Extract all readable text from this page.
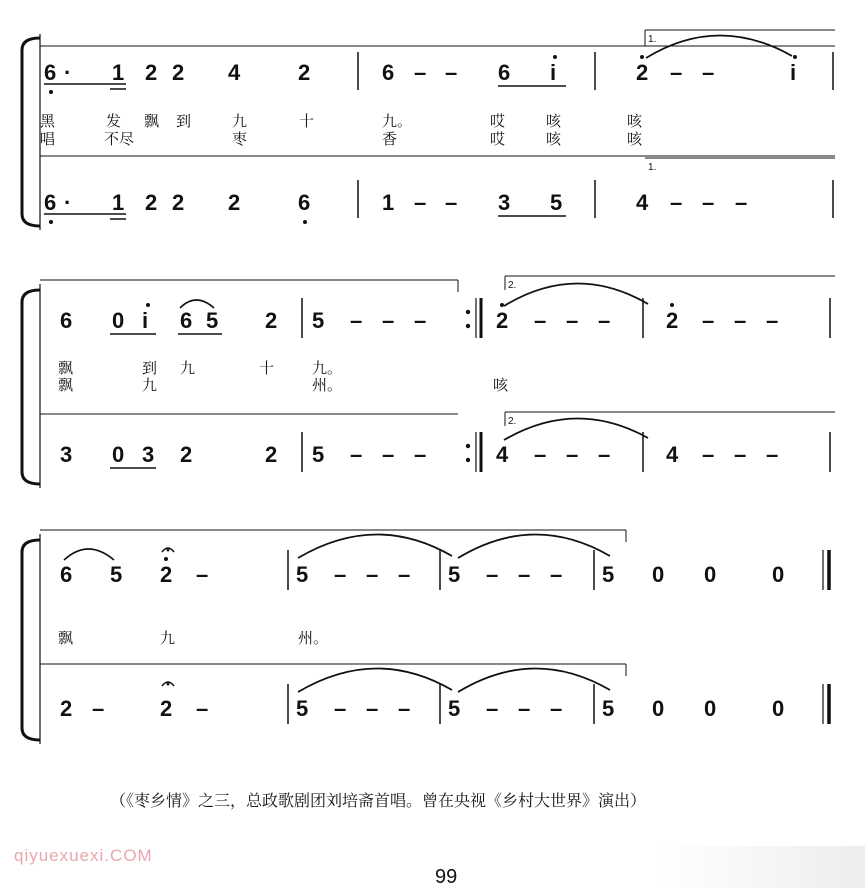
1.
1.
6 · 1 2 2 4	2	6 – – 6 i	2 – –	i
黑	发 飘 到	九	十	九。	哎	咳	咳
唱	不尽	枣	香	哎	咳	咳
6 · 1 2 2 2	6	1 – – 3 5	4 – – –
2.
2.
6 0 i 6 5 2 5 – – –	2 – – –	2 – – –
飘	到 九	十	九。
飘	九	州。	咳
3 0 3 2	2 5 – – –	4 – – –	4 – – –
6 5 2 –	5 – – – 5 – – – 5 0 0	0
飘	九	州。
2 –	2 –	5 – – – 5 – – – 5 0 0	0
（《枣乡情》之三，总政歌剧团刘培斋首唱。曾在央视《乡村大世界》演出）
qiyuexuexi.COM
99
